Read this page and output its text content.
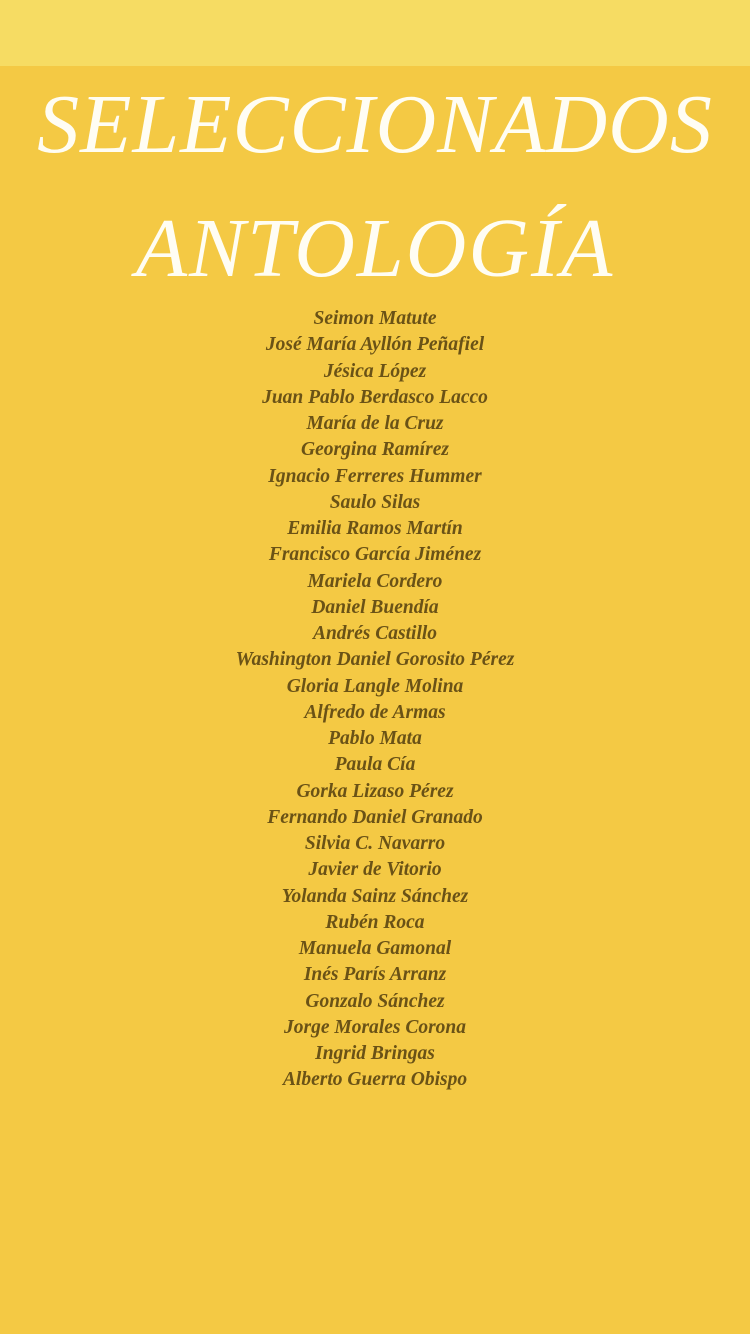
SELECCIONADOS
ANTOLOGÍA
Seimon Matute
José María Ayllón Peñafiel
Jésica López
Juan Pablo Berdasco Lacco
María de la Cruz
Georgina Ramírez
Ignacio Ferreres Hummer
Saulo Silas
Emilia Ramos Martín
Francisco García Jiménez
Mariela Cordero
Daniel Buendía
Andrés Castillo
Washington Daniel Gorosito Pérez
Gloria Langle Molina
Alfredo de Armas
Pablo Mata
Paula Cía
Gorka Lizaso Pérez
Fernando Daniel Granado
Silvia C. Navarro
Javier de Vitorio
Yolanda Sainz Sánchez
Rubén Roca
Manuela Gamonal
Inés París Arranz
Gonzalo Sánchez
Jorge Morales Corona
Ingrid Bringas
Alberto Guerra Obispo
